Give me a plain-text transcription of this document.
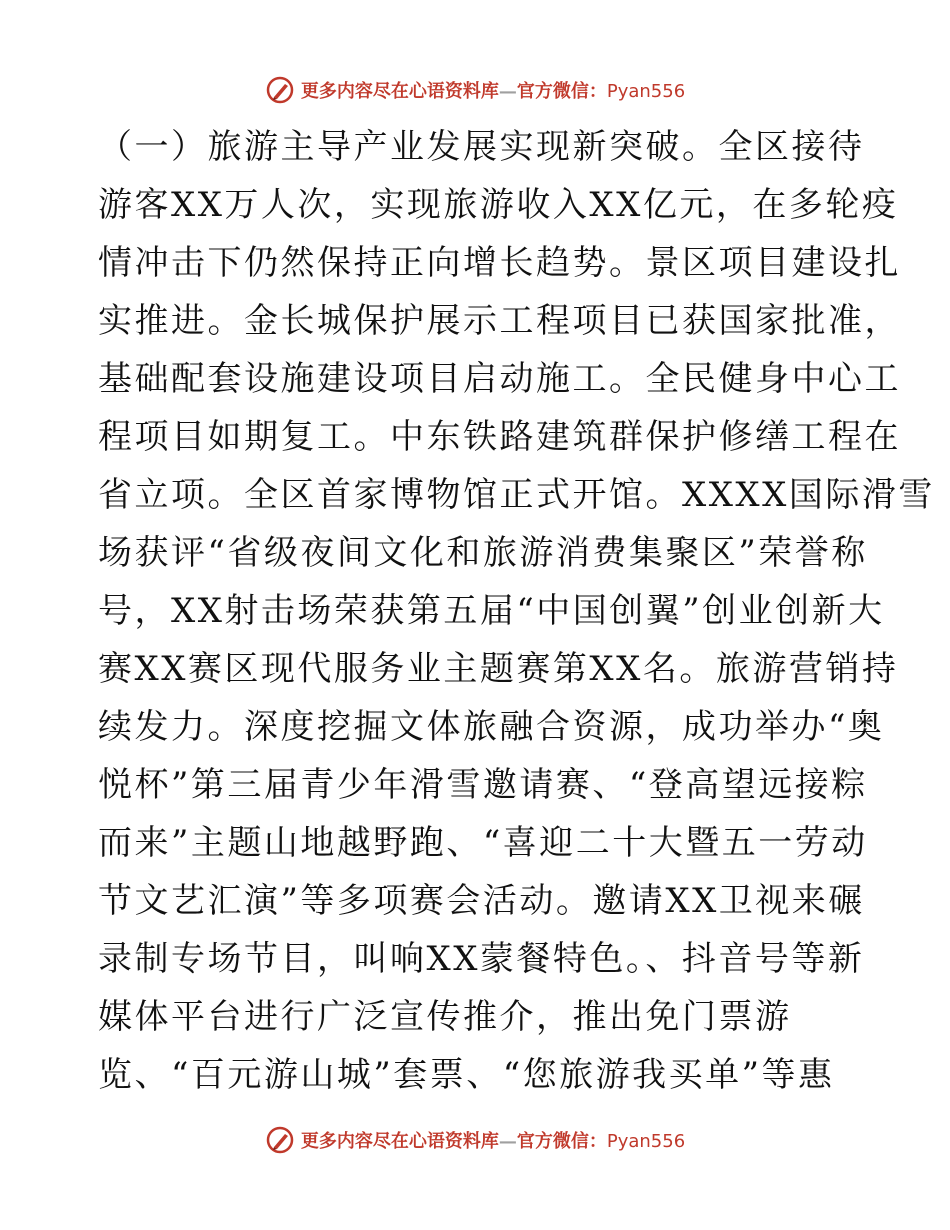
更多内容尽在心语资料库—官方微信：Pyan556
（一）旅游主导产业发展实现新突破。全区接待
游客XX万人次，实现旅游收入XX亿元，在多轮疫
情冲击下仍然保持正向增长趋势。景区项目建设扎
实推进。金长城保护展示工程项目已获国家批准，
基础配套设施建设项目启动施工。全民健身中心工
程项目如期复工。中东铁路建筑群保护修缮工程在
省立项。全区首家博物馆正式开馆。XXXX国际滑雪
场获评“省级夜间文化和旅游消费集聚区”荣誉称
号，XX射击场荣获第五届“中国创翼”创业创新大
赛XX赛区现代服务业主题赛第XX名。旅游营销持
续发力。深度挖掘文体旅融合资源，成功举办“奥
悦杯”第三届青少年滑雪邀请赛、“登高望远接粽
而来”主题山地越野跑、“喜迎二十大暨五一劳动
节文艺汇演”等多项赛会活动。邀请XX卫视来碾
录制专场节目，叫响XX蒙餐特色。、抖音号等新
媒体平台进行广泛宣传推介，推出免门票游
览、“百元游山城”套票、“您旅游我买单”等惠
更多内容尽在心语资料库—官方微信：Pyan556
